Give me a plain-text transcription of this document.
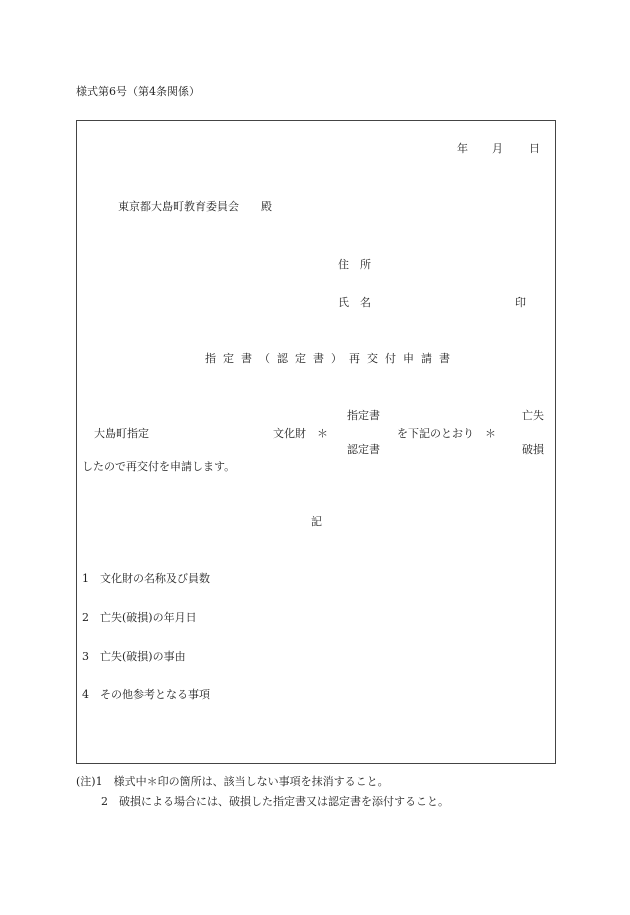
様式第6号（第4条関係）
年 月 日
東京都大島町教育委員会　　殿
住　所
氏　名	印
指定書（認定書）再交付申請書
大島町指定	文化財　＊
指定書
認定書
を下記のとおり　＊
亡失
破損
したので再交付を申請します。
記
1　文化財の名称及び員数
2　亡失(破損)の年月日
3　亡失(破損)の事由
4　その他参考となる事項
(注)1　様式中＊印の箇所は、該当しない事項を抹消すること。
2　破損による場合には、破損した指定書又は認定書を添付すること。
